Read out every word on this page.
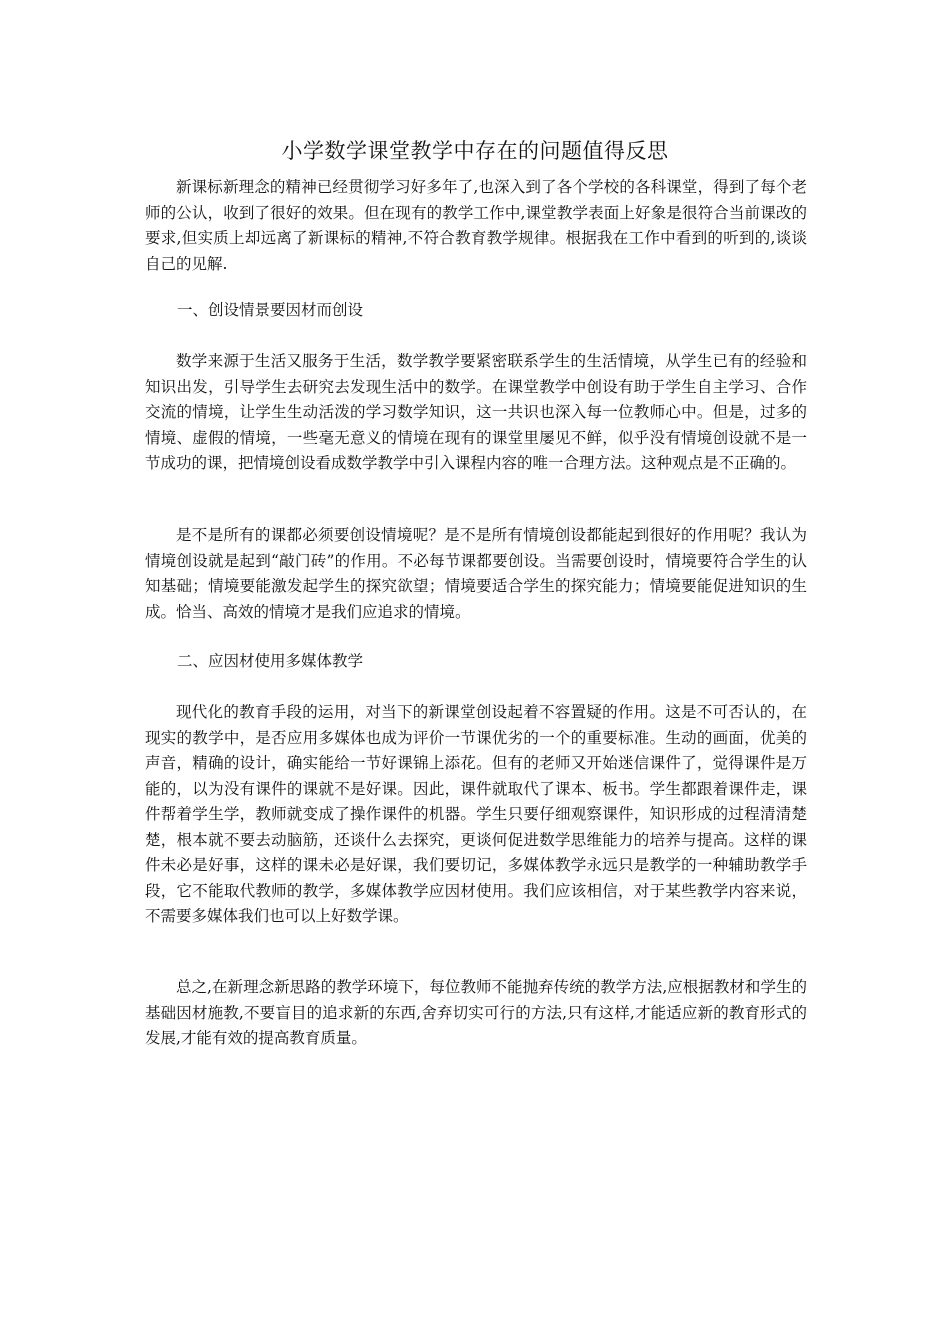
小学数学课堂教学中存在的问题值得反思

新课标新理念的精神已经贯彻学习好多年了,也深入到了各个学校的各科课堂，得到了每个老师的公认，收到了很好的效果。但在现有的教学工作中,课堂教学表面上好象是很符合当前课改的要求,但实质上却远离了新课标的精神,不符合教育教学规律。根据我在工作中看到的听到的,谈谈自己的见解.

一、创设情景要因材而创设

数学来源于生活又服务于生活，数学教学要紧密联系学生的生活情境，从学生已有的经验和知识出发，引导学生去研究去发现生活中的数学。在课堂教学中创设有助于学生自主学习、合作交流的情境，让学生生动活泼的学习数学知识，这一共识也深入每一位教师心中。但是，过多的情境、虚假的情境，一些毫无意义的情境在现有的课堂里屡见不鲜，似乎没有情境创设就不是一节成功的课，把情境创设看成数学教学中引入课程内容的唯一合理方法。这种观点是不正确的。

是不是所有的课都必须要创设情境呢？是不是所有情境创设都能起到很好的作用呢？我认为情境创设就是起到“敲门砖”的作用。不必每节课都要创设。当需要创设时，情境要符合学生的认知基础；情境要能激发起学生的探究欲望；情境要适合学生的探究能力；情境要能促进知识的生成。恰当、高效的情境才是我们应追求的情境。

二、应因材使用多媒体教学

现代化的教育手段的运用，对当下的新课堂创设起着不容置疑的作用。这是不可否认的，在现实的教学中，是否应用多媒体也成为评价一节课优劣的一个的重要标准。生动的画面，优美的声音，精确的设计，确实能给一节好课锦上添花。但有的老师又开始迷信课件了，觉得课件是万能的，以为没有课件的课就不是好课。因此，课件就取代了课本、板书。学生都跟着课件走，课件帮着学生学，教师就变成了操作课件的机器。学生只要仔细观察课件，知识形成的过程清清楚楚，根本就不要去动脑筋，还谈什么去探究，更谈何促进数学思维能力的培养与提高。这样的课件未必是好事，这样的课未必是好课，我们要切记，多媒体教学永远只是教学的一种辅助教学手段，它不能取代教师的教学，多媒体教学应因材使用。我们应该相信，对于某些教学内容来说，不需要多媒体我们也可以上好数学课。

总之,在新理念新思路的教学环境下，每位教师不能抛弃传统的教学方法,应根据教材和学生的基础因材施教,不要盲目的追求新的东西,舍弃切实可行的方法,只有这样,才能适应新的教育形式的发展,才能有效的提高教育质量。
